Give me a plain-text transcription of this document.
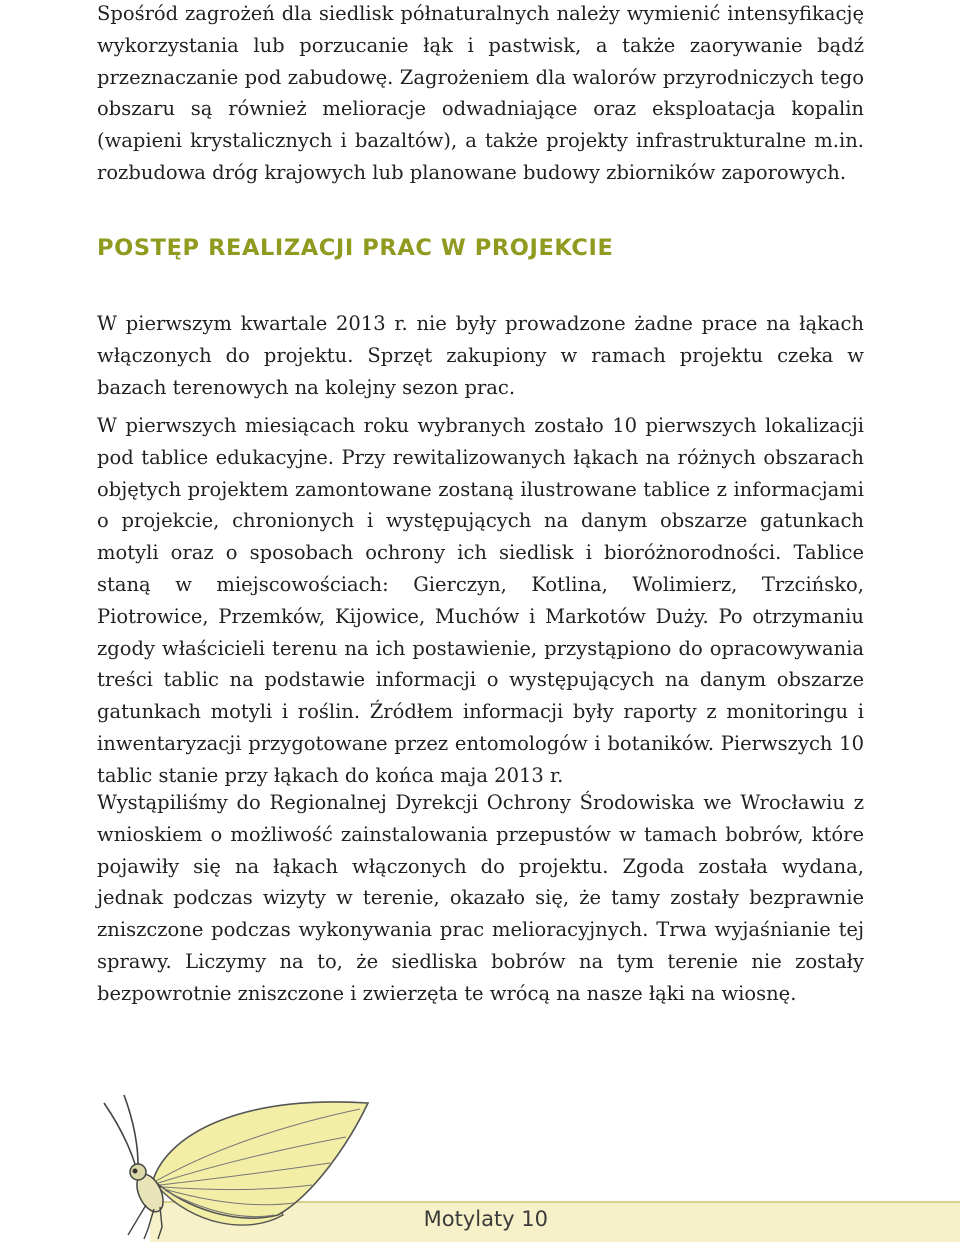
Spośród zagrożeń dla siedlisk półnaturalnych należy wymienić intensyfikację wykorzystania lub porzucanie łąk i pastwisk, a także zaorywanie bądź przeznaczanie pod zabudowę. Zagrożeniem dla walorów przyrodniczych tego obszaru są również melioracje odwadniające oraz eksploatacja kopalin (wapieni krystalicznych i bazaltów), a także projekty infrastrukturalne m.in. rozbudowa dróg krajowych lub planowane budowy zbiorników zaporowych.

POSTĘP REALIZACJI PRAC W PROJEKCIE

W pierwszym kwartale 2013 r. nie były prowadzone żadne prace na łąkach włączonych do projektu. Sprzęt zakupiony w ramach projektu czeka w bazach terenowych na kolejny sezon prac.

W pierwszych miesiącach roku wybranych zostało 10 pierwszych lokalizacji pod tablice edukacyjne. Przy rewitalizowanych łąkach na różnych obszarach objętych projektem zamontowane zostaną ilustrowane tablice z informacjami o projekcie, chronionych i występujących na danym obszarze gatunkach motyli oraz o sposobach ochrony ich siedlisk i bioróżnorodności. Tablice staną w miejscowościach: Gierczyn, Kotlina, Wolimierz, Trzcińsko, Piotrowice, Przemków, Kijowice, Muchów i Markotów Duży. Po otrzymaniu zgody właścicieli terenu na ich postawienie, przystąpiono do opracowywania treści tablic na podstawie informacji o występujących na danym obszarze gatunkach motyli i roślin. Źródłem informacji były raporty z monitoringu i inwentaryzacji przygotowane przez entomologów i botaników. Pierwszych 10 tablic stanie przy łąkach do końca maja 2013 r.

Wystąpiliśmy do Regionalnej Dyrekcji Ochrony Środowiska we Wrocławiu z wnioskiem o możliwość zainstalowania przepustów w tamach bobrów, które pojawiły się na łąkach włączonych do projektu. Zgoda została wydana, jednak podczas wizyty w terenie, okazało się, że tamy zostały bezprawnie zniszczone podczas wykonywania prac melioracyjnych. Trwa wyjaśnianie tej sprawy. Liczymy na to, że siedliska bobrów na tym terenie nie zostały bezpowrotnie zniszczone i zwierzęta te wrócą na nasze łąki na wiosnę.

Motylaty 10
